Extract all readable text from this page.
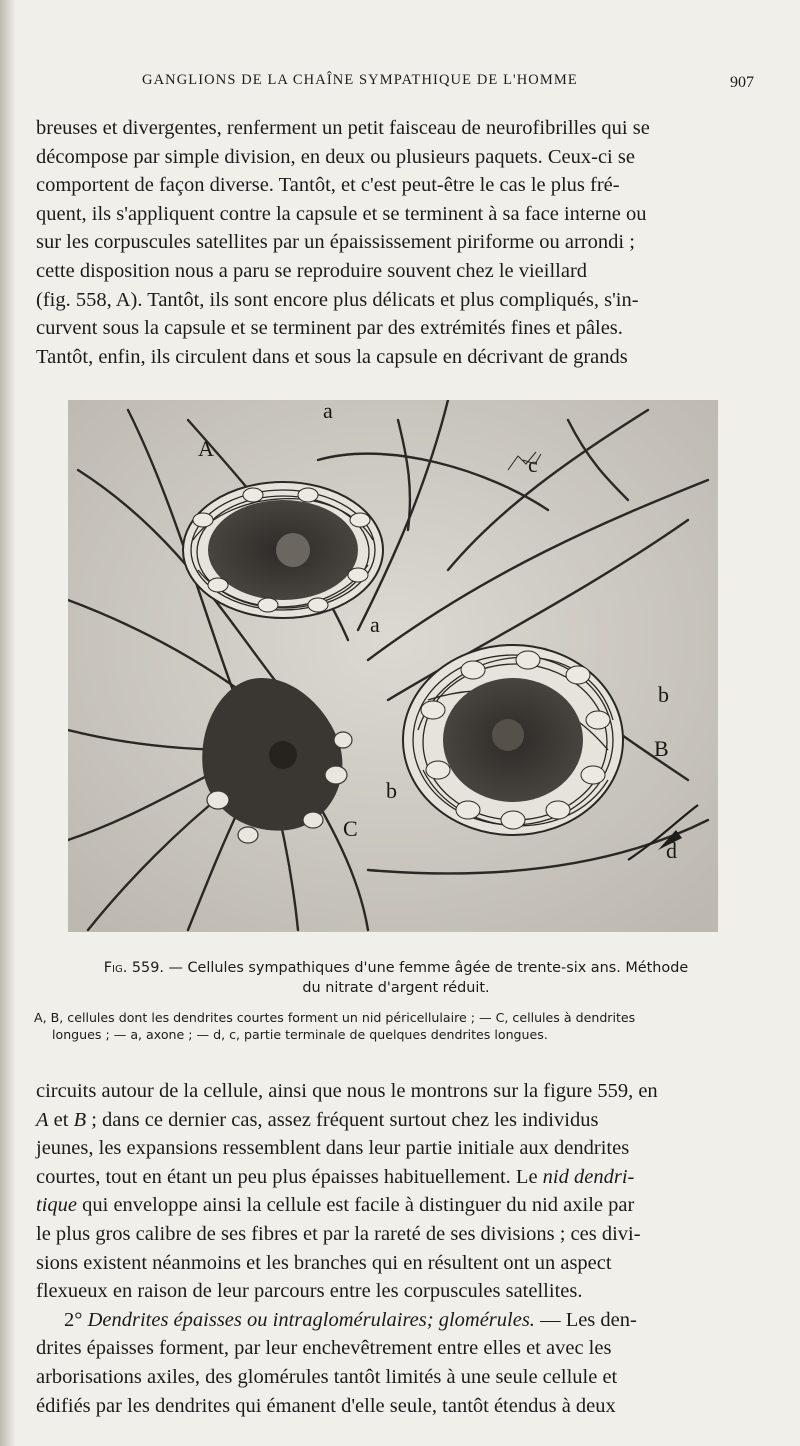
GANGLIONS DE LA CHAÎNE SYMPATHIQUE DE L'HOMME	907

breuses et divergentes, renferment un petit faisceau de neurofibrilles qui se

décompose par simple division, en deux ou plusieurs paquets. Ceux-ci se

comportent de façon diverse. Tantôt, et c'est peut-être le cas le plus fré-

quent, ils s'appliquent contre la capsule et se terminent à sa face interne ou

sur les corpuscules satellites par un épaississement piriforme ou arrondi ;

cette disposition nous a paru se reproduire souvent chez le vieillard

(fig. 558, A). Tantôt, ils sont encore plus délicats et plus compliqués, s'in-

curvent sous la capsule et se terminent par des extrémités fines et pâles.

Tantôt, enfin, ils circulent dans et sous la capsule en décrivant de grands

a
A
c
a
b
B
b
C
d
Fig. 559. — Cellules sympathiques d'une femme âgée de trente-six ans. Méthode
du nitrate d'argent réduit.

A, B, cellules dont les dendrites courtes forment un nid péricellulaire ; — C, cellules à dendrites

longues ; — a, axone ; — d, c, partie terminale de quelques dendrites longues.

circuits autour de la cellule, ainsi que nous le montrons sur la figure 559, en

A et B ; dans ce dernier cas, assez fréquent surtout chez les individus

jeunes, les expansions ressemblent dans leur partie initiale aux dendrites

courtes, tout en étant un peu plus épaisses habituellement. Le nid dendri-

tique qui enveloppe ainsi la cellule est facile à distinguer du nid axile par

le plus gros calibre de ses fibres et par la rareté de ses divisions ; ces divi-

sions existent néanmoins et les branches qui en résultent ont un aspect

flexueux en raison de leur parcours entre les corpuscules satellites.

2° Dendrites épaisses ou intraglomérulaires; glomérules. — Les den-

drites épaisses forment, par leur enchevêtrement entre elles et avec les

arborisations axiles, des glomérules tantôt limités à une seule cellule et

édifiés par les dendrites qui émanent d'elle seule, tantôt étendus à deux
